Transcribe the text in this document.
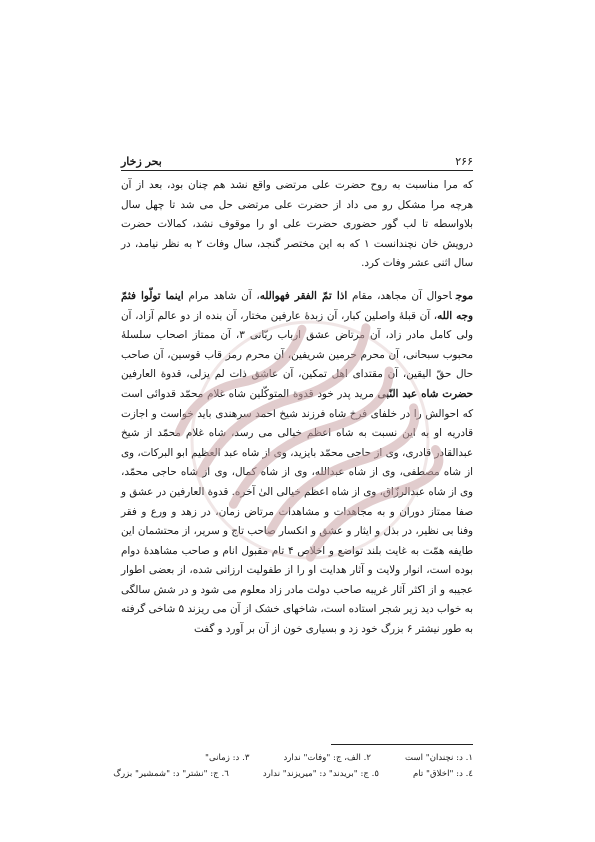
۲۶۶
بحر زخار

که مرا مناسبت به روح حضرت علی مرتضی واقع نشد هم چنان بود، بعد از آن هرچه مرا مشکل رو می داد از حضرت علی مرتضی حل می شد تا چهل سال بلاواسطه تا لب گور حضوری حضرت علی او را موقوف نشد، کمالات حضرت درویش خان نچندانست ۱ که به این مختصر گنجد، سال وفات ۲ به نظر نیامد، در سال اثنی عشر وفات کرد.

موجاحوال آن مجاهد، مقام اذا تمّ الفقر فهوالله، آن شاهد مرام اینما تولّوا فثمّ وجه الله، آن قبلهٔ واصلین کبار، آن زبدهٔ عارفین مختار، آن بنده از دو عالم آزاد، آن ولی کامل مادر زاد، آن مرتاض عشق ارباب ربّانی ۳، آن ممتاز اصحاب سلسلهٔ محبوب سبحانی، آن محرم حرمین شریفین، آن محرم رمز قاب قوسین، آن صاحب حال حقّ الیقین، آن مقتدای اهل تمکین، آن عاشق ذات لم یزلی، قدوة العارفین حضرت شاه عبد النّبی مرید پدر خود قدوة المتوکّلین شاه غلام محمّد قدوائی است که احوالش را در خلفای فرخ شاه فرزند شیخ احمد سرهندی باید خواست و اجازت قادریه او به این نسبت به شاه اعظم خیالی می رسد، شاه غلام محمّد از شیخ عبدالقادر قادری، وی از حاجی محمّد بایزید، وی از شاه عبد العظیم ابو البرکات، وی از شاه مصطفی، وی از شاه عبدالله، وی از شاه کمال، وی از شاه حاجی محمّد، وی از شاه عبدالرزّاق، وی از شاه اعظم خیالی الیٰ آخره. قدوة العارفین در عشق و صفا ممتاز دوران و به مجاهدات و مشاهدات مرتاض زمان، در زهد و ورع و فقر وفنا بی نظیر، در بذل و ایثار و عشق و انکسار صاحب تاج و سریر، از محتشمان این طایفه همّت به غایت بلند تواضع و اخلاص ۴ تام مقبول انام و صاحب مشاهدهٔ دوام بوده است، انوار ولایت و آثار هدایت او را از طفولیت ارزانی شده، از بعضی اطوار عجیبه و از اکثر آثار غریبه صاحب دولت مادر زاد معلوم می شود و در شش سالگی به خواب دید زیر شجر استاده است، شاخهای خشک از آن می ریزند ۵ شاخی گرفته به طور نیشتر ۶ بزرگ خود زد و بسیاری خون از آن بر آورد و گفت

۱. د: نچندان" است
۲. الف، ج: "وفات" ندارد
۳. د: زمانی"
٤. د: "اخلاق" تام
٥. ج: "بریدند" د: "میریزند" ندارد
٦. ج: "نشتر" د: "شمشیر" بزرگ
